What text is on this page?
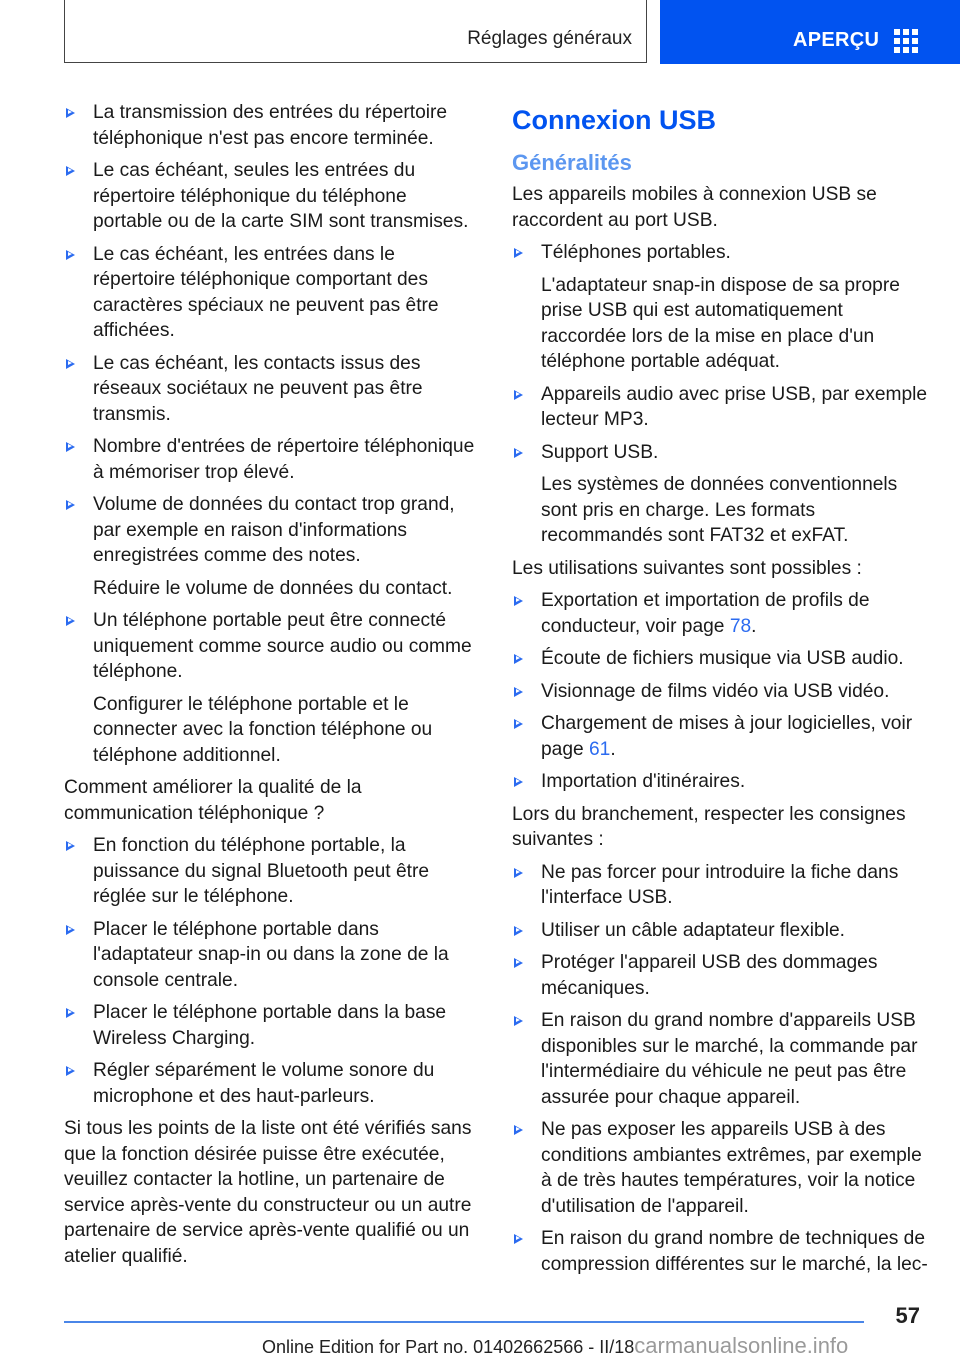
Réglages généraux	APERÇU
La transmission des entrées du répertoire téléphonique n'est pas encore terminée.
Le cas échéant, seules les entrées du répertoire téléphonique du téléphone portable ou de la carte SIM sont transmises.
Le cas échéant, les entrées dans le répertoire téléphonique comportant des caractères spéciaux ne peuvent pas être affichées.
Le cas échéant, les contacts issus des réseaux sociétaux ne peuvent pas être transmis.
Nombre d'entrées de répertoire téléphonique à mémoriser trop élevé.
Volume de données du contact trop grand, par exemple en raison d'informations enregistrées comme des notes.
Réduire le volume de données du contact.
Un téléphone portable peut être connecté uniquement comme source audio ou comme téléphone.
Configurer le téléphone portable et le connecter avec la fonction téléphone ou téléphone additionnel.
Comment améliorer la qualité de la communication téléphonique ?
En fonction du téléphone portable, la puissance du signal Bluetooth peut être réglée sur le téléphone.
Placer le téléphone portable dans l'adaptateur snap-in ou dans la zone de la console centrale.
Placer le téléphone portable dans la base Wireless Charging.
Régler séparément le volume sonore du microphone et des haut-parleurs.
Si tous les points de la liste ont été vérifiés sans que la fonction désirée puisse être exécutée, veuillez contacter la hotline, un partenaire de service après-vente du constructeur ou un autre partenaire de service après-vente qualifié ou un atelier qualifié.
Connexion USB
Généralités
Les appareils mobiles à connexion USB se raccordent au port USB.
Téléphones portables.
L'adaptateur snap-in dispose de sa propre prise USB qui est automatiquement raccordée lors de la mise en place d'un téléphone portable adéquat.
Appareils audio avec prise USB, par exemple lecteur MP3.
Support USB.
Les systèmes de données conventionnels sont pris en charge. Les formats recommandés sont FAT32 et exFAT.
Les utilisations suivantes sont possibles :
Exportation et importation de profils de conducteur, voir page 78.
Écoute de fichiers musique via USB audio.
Visionnage de films vidéo via USB vidéo.
Chargement de mises à jour logicielles, voir page 61.
Importation d'itinéraires.
Lors du branchement, respecter les consignes suivantes :
Ne pas forcer pour introduire la fiche dans l'interface USB.
Utiliser un câble adaptateur flexible.
Protéger l'appareil USB des dommages mécaniques.
En raison du grand nombre d'appareils USB disponibles sur le marché, la commande par l'intermédiaire du véhicule ne peut pas être assurée pour chaque appareil.
Ne pas exposer les appareils USB à des conditions ambiantes extrêmes, par exemple à de très hautes températures, voir la notice d'utilisation de l'appareil.
En raison du grand nombre de techniques de compression différentes sur le marché, la lec-
57
Online Edition for Part no. 01402662566 - II/18carmanualsonline.info
